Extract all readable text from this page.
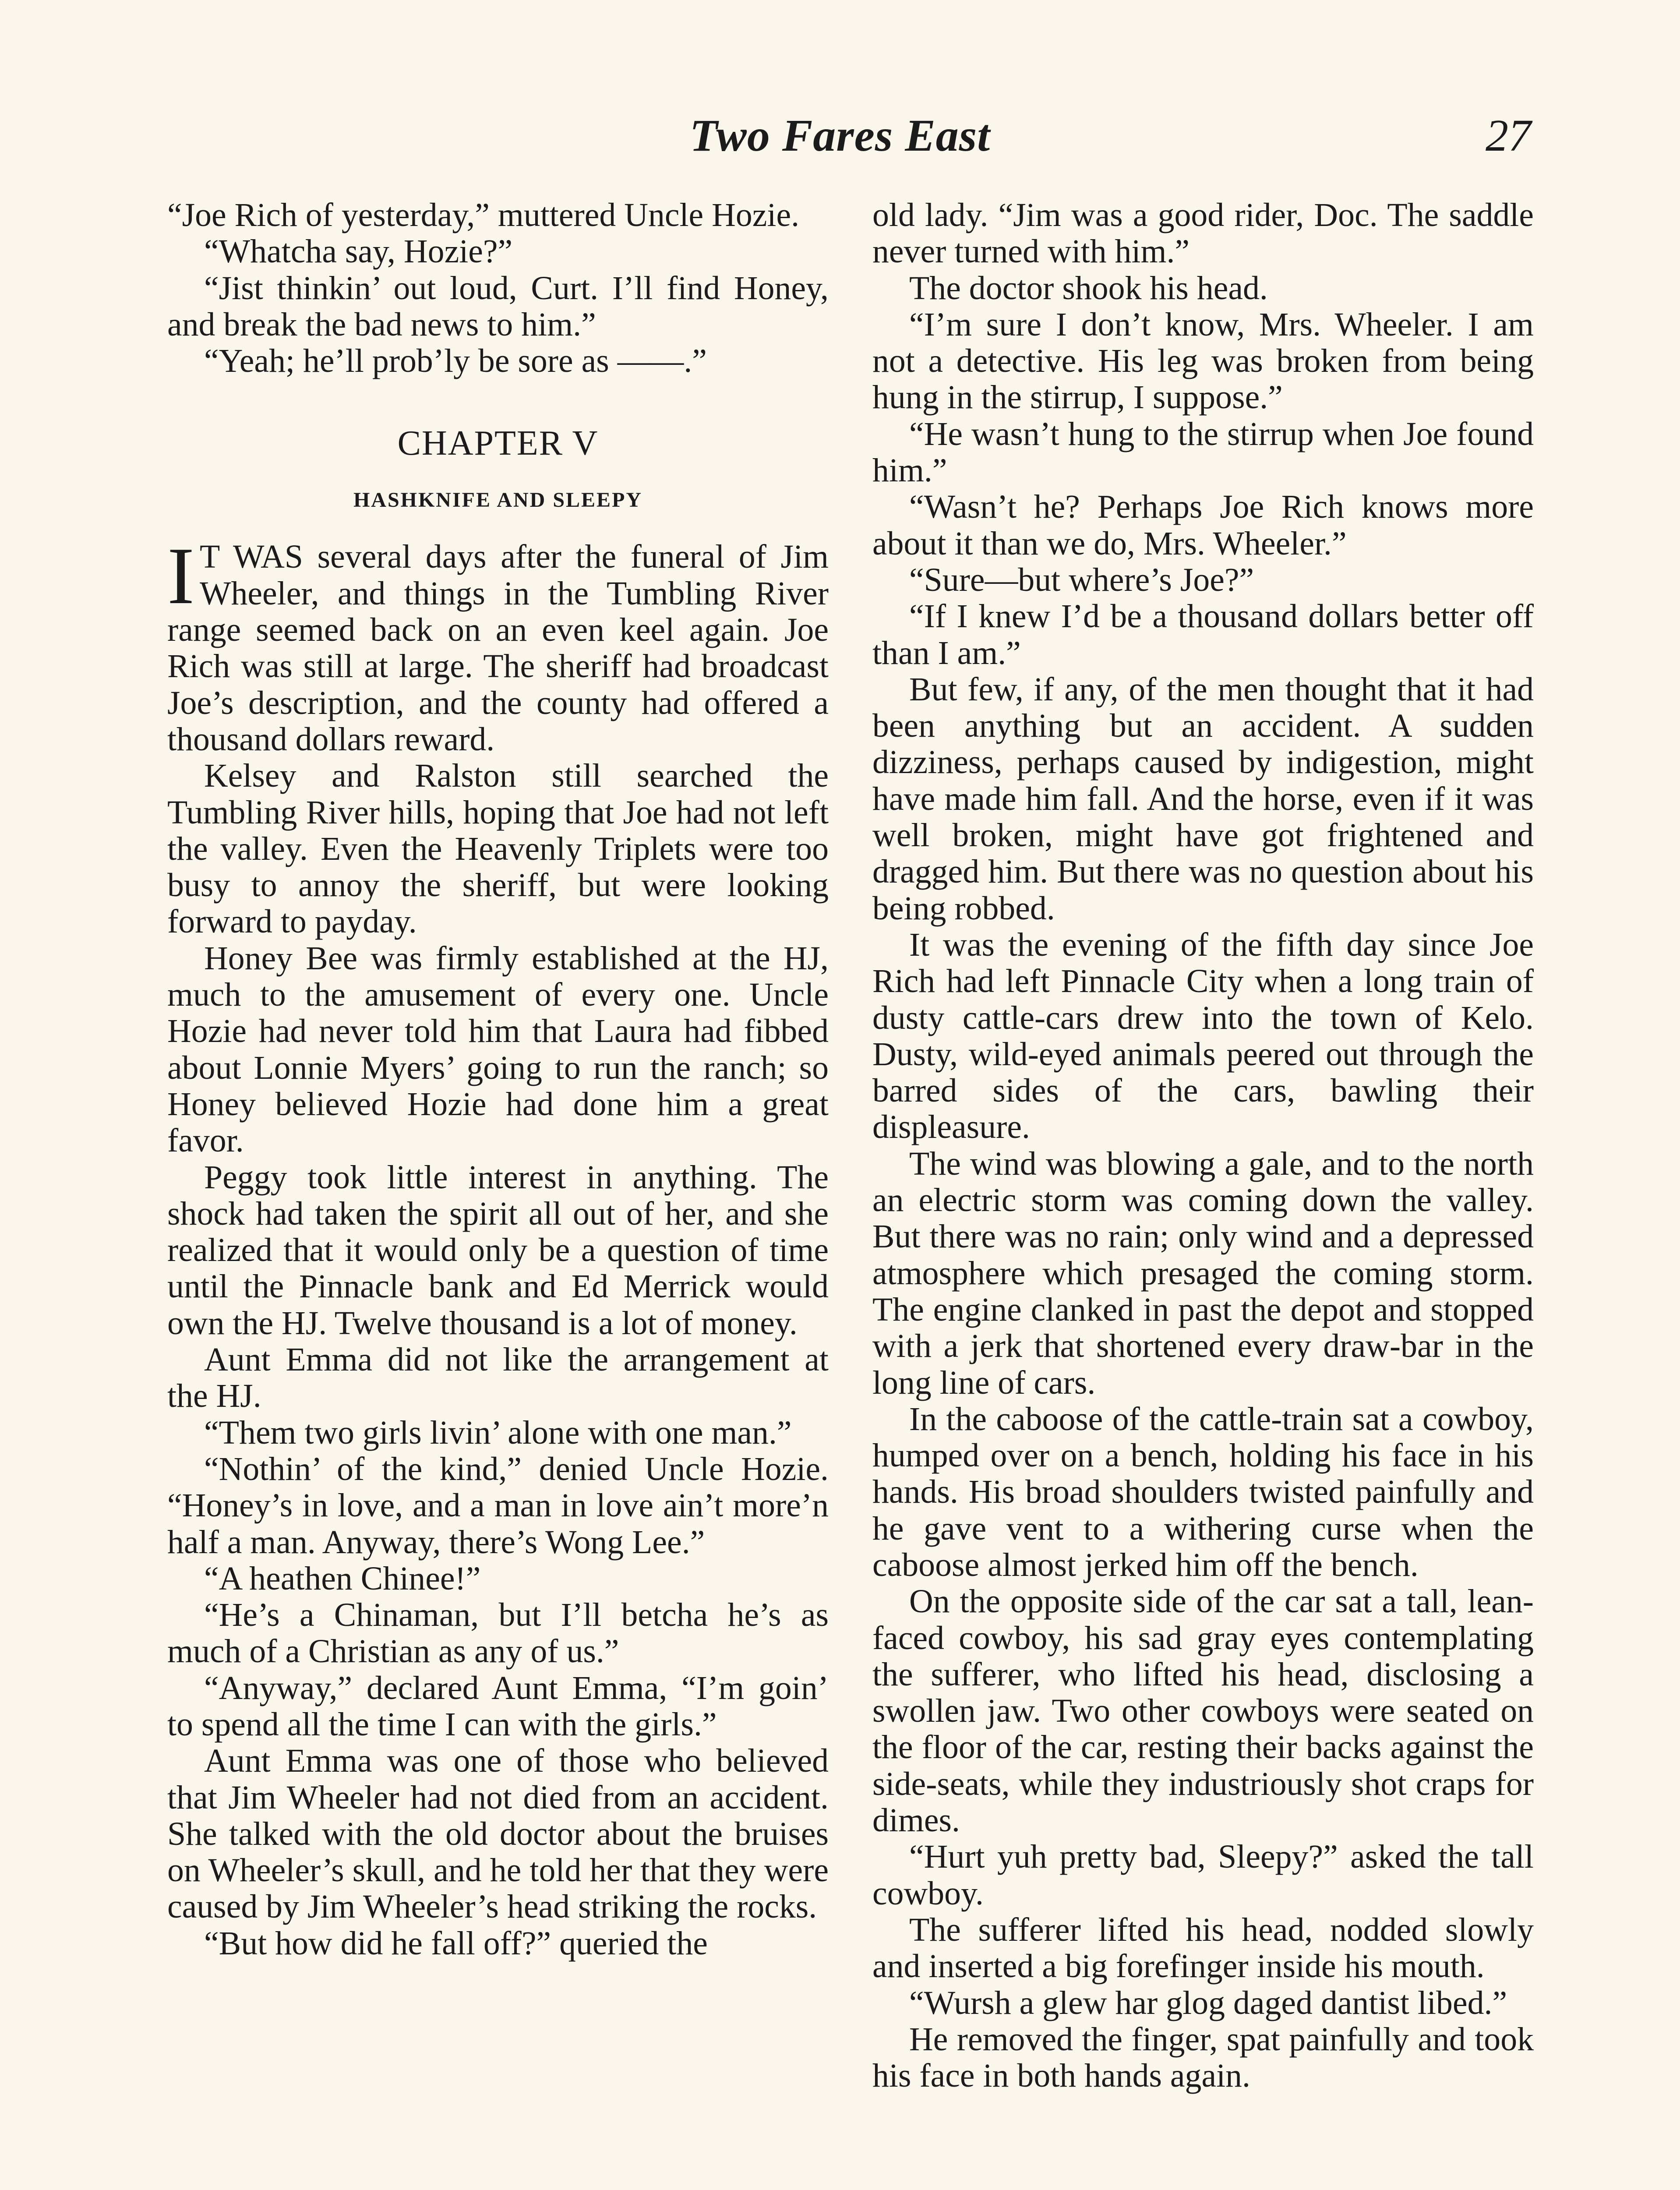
Two Fares East	27

“Joe Rich of yesterday,” muttered Uncle Hozie.

“Whatcha say, Hozie?”

“Jist thinkin’ out loud, Curt. I’ll find Honey, and break the bad news to him.”

“Yeah; he’ll prob’ly be sore as ——.”

CHAPTER V
HASHKNIFE AND SLEEPY

I T WAS several days after the funeral of Jim Wheeler, and things in the Tumbling River range seemed back on an even keel again. Joe Rich was still at large. The sheriff had broadcast Joe’s description, and the county had offered a thousand dollars reward.

Kelsey and Ralston still searched the Tumbling River hills, hoping that Joe had not left the valley. Even the Heavenly Triplets were too busy to annoy the sheriff, but were looking forward to payday.

Honey Bee was firmly established at the HJ, much to the amusement of every one. Uncle Hozie had never told him that Laura had fibbed about Lonnie Myers’ going to run the ranch; so Honey believed Hozie had done him a great favor.

Peggy took little interest in anything. The shock had taken the spirit all out of her, and she realized that it would only be a question of time until the Pinnacle bank and Ed Merrick would own the HJ. Twelve thousand is a lot of money.

Aunt Emma did not like the arrangement at the HJ.

“Them two girls livin’ alone with one man.”

“Nothin’ of the kind,” denied Uncle Hozie. “Honey’s in love, and a man in love ain’t more’n half a man. Anyway, there’s Wong Lee.”

“A heathen Chinee!”

“He’s a Chinaman, but I’ll betcha he’s as much of a Christian as any of us.”

“Anyway,” declared Aunt Emma, “I’m goin’ to spend all the time I can with the girls.”

Aunt Emma was one of those who believed that Jim Wheeler had not died from an accident. She talked with the old doctor about the bruises on Wheeler’s skull, and he told her that they were caused by Jim Wheeler’s head striking the rocks.

“But how did he fall off?” queried the

old lady. “Jim was a good rider, Doc. The saddle never turned with him.”

The doctor shook his head.

“I’m sure I don’t know, Mrs. Wheeler. I am not a detective. His leg was broken from being hung in the stirrup, I suppose.”

“He wasn’t hung to the stirrup when Joe found him.”

“Wasn’t he? Perhaps Joe Rich knows more about it than we do, Mrs. Wheeler.”

“Sure—but where’s Joe?”

“If I knew I’d be a thousand dollars better off than I am.”

But few, if any, of the men thought that it had been anything but an accident. A sudden dizziness, perhaps caused by indigestion, might have made him fall. And the horse, even if it was well broken, might have got frightened and dragged him. But there was no question about his being robbed.

It was the evening of the fifth day since Joe Rich had left Pinnacle City when a long train of dusty cattle-cars drew into the town of Kelo. Dusty, wild-eyed animals peered out through the barred sides of the cars, bawling their displeasure.

The wind was blowing a gale, and to the north an electric storm was coming down the valley. But there was no rain; only wind and a depressed atmosphere which presaged the coming storm. The engine clanked in past the depot and stopped with a jerk that shortened every draw-bar in the long line of cars.

In the caboose of the cattle-train sat a cowboy, humped over on a bench, holding his face in his hands. His broad shoulders twisted painfully and he gave vent to a withering curse when the caboose almost jerked him off the bench.

On the opposite side of the car sat a tall, lean-faced cowboy, his sad gray eyes contemplating the sufferer, who lifted his head, disclosing a swollen jaw. Two other cowboys were seated on the floor of the car, resting their backs against the side-seats, while they industriously shot craps for dimes.

“Hurt yuh pretty bad, Sleepy?” asked the tall cowboy.

The sufferer lifted his head, nodded slowly and inserted a big forefinger inside his mouth.

“Wursh a glew har glog daged dantist libed.”

He removed the finger, spat painfully and took his face in both hands again.
